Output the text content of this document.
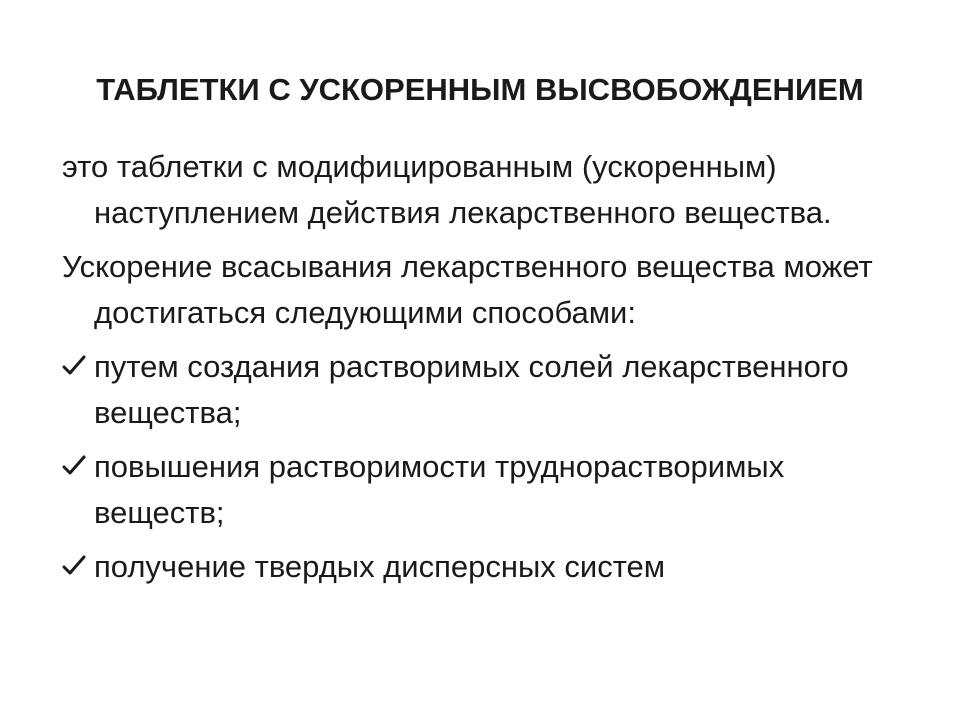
ТАБЛЕТКИ С УСКОРЕННЫМ ВЫСВОБОЖДЕНИЕМ

это таблетки с модифицированным (ускоренным) наступлением действия лекарственного вещества.

Ускорение всасывания лекарственного вещества может достигаться следующими способами:

путем создания растворимых солей лекарственного вещества;
повышения растворимости труднорастворимых веществ;
получение твердых дисперсных систем
